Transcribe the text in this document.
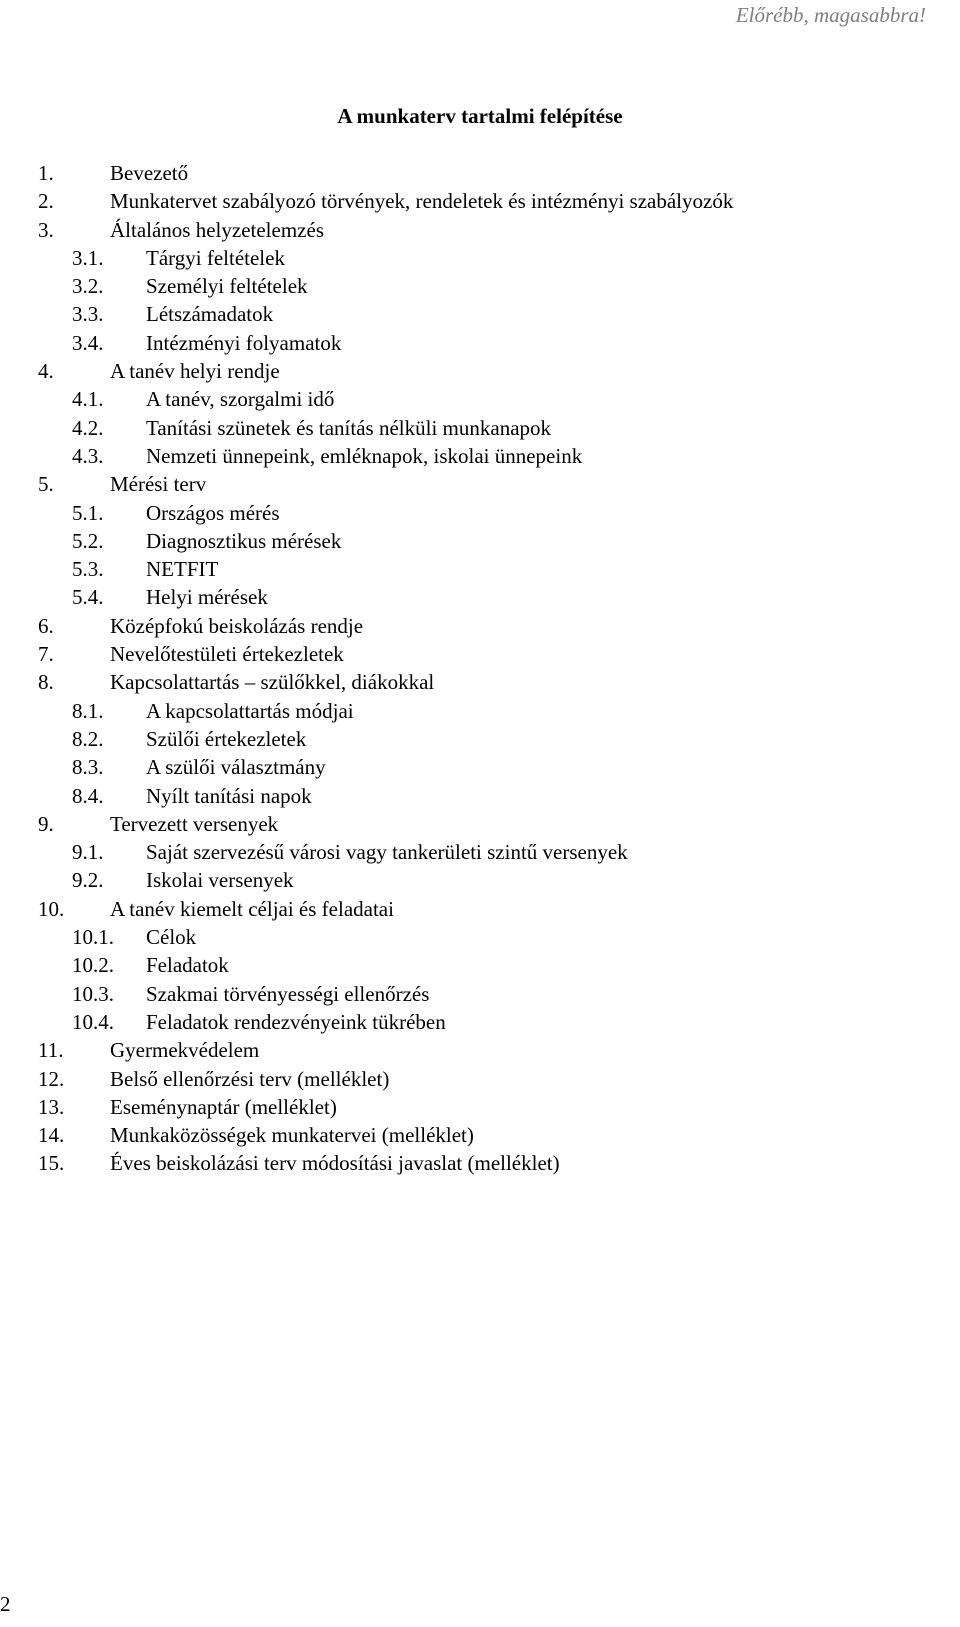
Előrébb, magasabbra!
A munkaterv tartalmi felépítése
1.	Bevezető
2.	Munkatervet szabályozó törvények, rendeletek és intézményi szabályozók
3.	Általános helyzetelemzés
3.1. Tárgyi feltételek
3.2. Személyi feltételek
3.3. Létszámadatok
3.4. Intézményi folyamatok
4.	A tanév helyi rendje
4.1. A tanév, szorgalmi idő
4.2. Tanítási szünetek és tanítás nélküli munkanapok
4.3. Nemzeti ünnepeink, emléknapok, iskolai ünnepeink
5.	Mérési terv
5.1. Országos mérés
5.2. Diagnosztikus mérések
5.3. NETFIT
5.4. Helyi mérések
6.	Középfokú beiskolázás rendje
7.	Nevelőtestületi értekezletek
8.	Kapcsolattartás – szülőkkel, diákokkal
8.1. A kapcsolattartás módjai
8.2. Szülői értekezletek
8.3. A szülői választmány
8.4. Nyílt tanítási napok
9.	Tervezett versenyek
9.1. Saját szervezésű városi vagy tankerületi szintű versenyek
9.2. Iskolai versenyek
10. A tanév kiemelt céljai és feladatai
10.1. Célok
10.2. Feladatok
10.3. Szakmai törvényességi ellenőrzés
10.4. Feladatok rendezvényeink tükrében
11. Gyermekvédelem
12. Belső ellenőrzési terv (melléklet)
13. Eseménynaptár (melléklet)
14. Munkaközösségek munkatervei (melléklet)
15. Éves beiskolázási terv módosítási javaslat (melléklet)
2
